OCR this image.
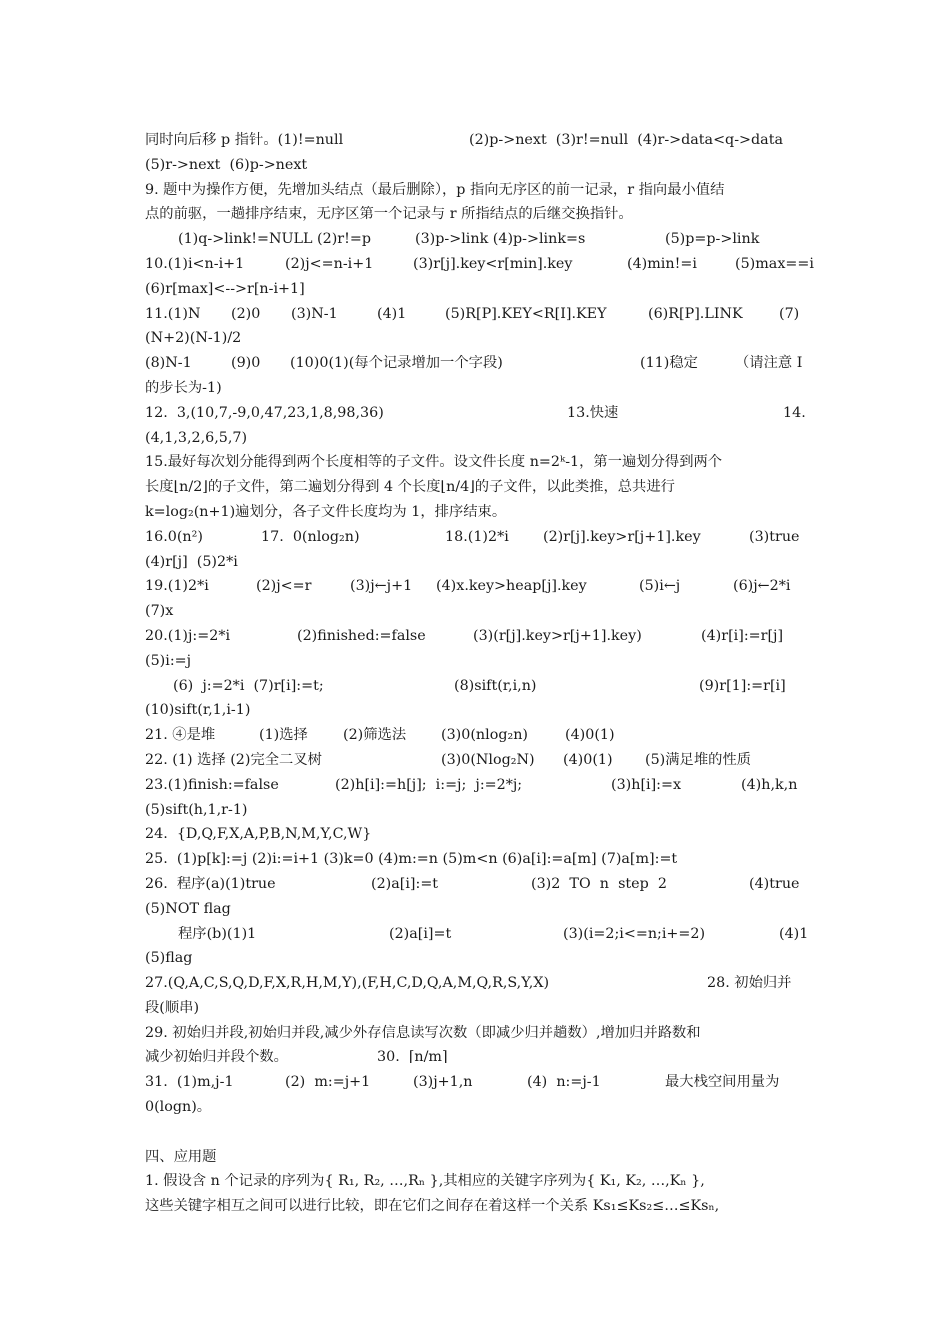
同时向后移 p 指针。(1)!=null	(2)p->next  (3)r!=null  (4)r->data<q->data
(5)r->next  (6)p->next
9. 题中为操作方便，先增加头结点（最后删除），p 指向无序区的前一记录，r 指向最小值结
点的前驱，一趟排序结束，无序区第一个记录与 r 所指结点的后继交换指针。
(1)q->link!=NULL (2)r!=p	(3)p->link (4)p->link=s	(5)p=p->link
10.(1)i<n-i+1	(2)j<=n-i+1	(3)r[j].key<r[min].key	(4)min!=i	(5)max==i
(6)r[max]<-->r[n-i+1]
11.(1)N (2)0 (3)N-1	(4)1	(5)R[P].KEY<R[I].KEY	(6)R[P].LINK	(7)
(N+2)(N-1)/2
(8)N-1	(9)0 (10)0(1)(每个记录增加一个字段)	(11)稳定	（请注意 I
的步长为-1)
12.  3,(10,7,-9,0,47,23,1,8,98,36)	13.快速	14.
(4,1,3,2,6,5,7)
15.最好每次划分能得到两个长度相等的子文件。设文件长度 n=2ᵏ-1，第一遍划分得到两个
长度⌊n/2⌋的子文件，第二遍划分得到 4 个长度⌊n/4⌋的子文件，以此类推，总共进行
k=log₂(n+1)遍划分，各子文件长度均为 1，排序结束。
16.0(n²)	17.  0(nlog₂n)	18.(1)2*i (2)r[j].key>r[j+1].key	(3)true
(4)r[j]  (5)2*i
19.(1)2*i	(2)j<=r	(3)j←j+1 (4)x.key>heap[j].key	(5)i←j	(6)j←2*i
(7)x
20.(1)j:=2*i	(2)finished:=false	(3)(r[j].key>r[j+1].key)	(4)r[i]:=r[j]
(5)i:=j
(6)  j:=2*i  (7)r[i]:=t;	(8)sift(r,i,n)	(9)r[1]:=r[i]
(10)sift(r,1,i-1)
21. ④是堆	(1)选择 (2)筛选法 (3)0(nlog₂n)	(4)0(1)
22. (1) 选择 (2)完全二叉树	(3)0(Nlog₂N) (4)0(1) (5)满足堆的性质
23.(1)finish:=false	(2)h[i]:=h[j];  i:=j;  j:=2*j;	(3)h[i]:=x	(4)h,k,n
(5)sift(h,1,r-1)
24.  {D,Q,F,X,A,P,B,N,M,Y,C,W}
25.  (1)p[k]:=j (2)i:=i+1 (3)k=0 (4)m:=n (5)m<n (6)a[i]:=a[m] (7)a[m]:=t
26.  程序(a)(1)true	(2)a[i]:=t	(3)2  TO  n  step  2	(4)true
(5)NOT flag
程序(b)(1)1	(2)a[i]=t	(3)(i=2;i<=n;i+=2)	(4)1
(5)flag
27.(Q,A,C,S,Q,D,F,X,R,H,M,Y),(F,H,C,D,Q,A,M,Q,R,S,Y,X)	28. 初始归并
段(顺串)
29. 初始归并段,初始归并段,减少外存信息读写次数（即减少归并趟数）,增加归并路数和
减少初始归并段个数。	30.  ⌈n/m⌉
31.  (1)m,j-1	(2)  m:=j+1	(3)j+1,n	(4)  n:=j-1	最大栈空间用量为
0(logn)。
四、应用题
1. 假设含 n 个记录的序列为{ R₁, R₂, …,Rₙ },其相应的关键字序列为{ K₁, K₂, …,Kₙ },
这些关键字相互之间可以进行比较，即在它们之间存在着这样一个关系 Ks₁≤Ks₂≤…≤Ksₙ,
